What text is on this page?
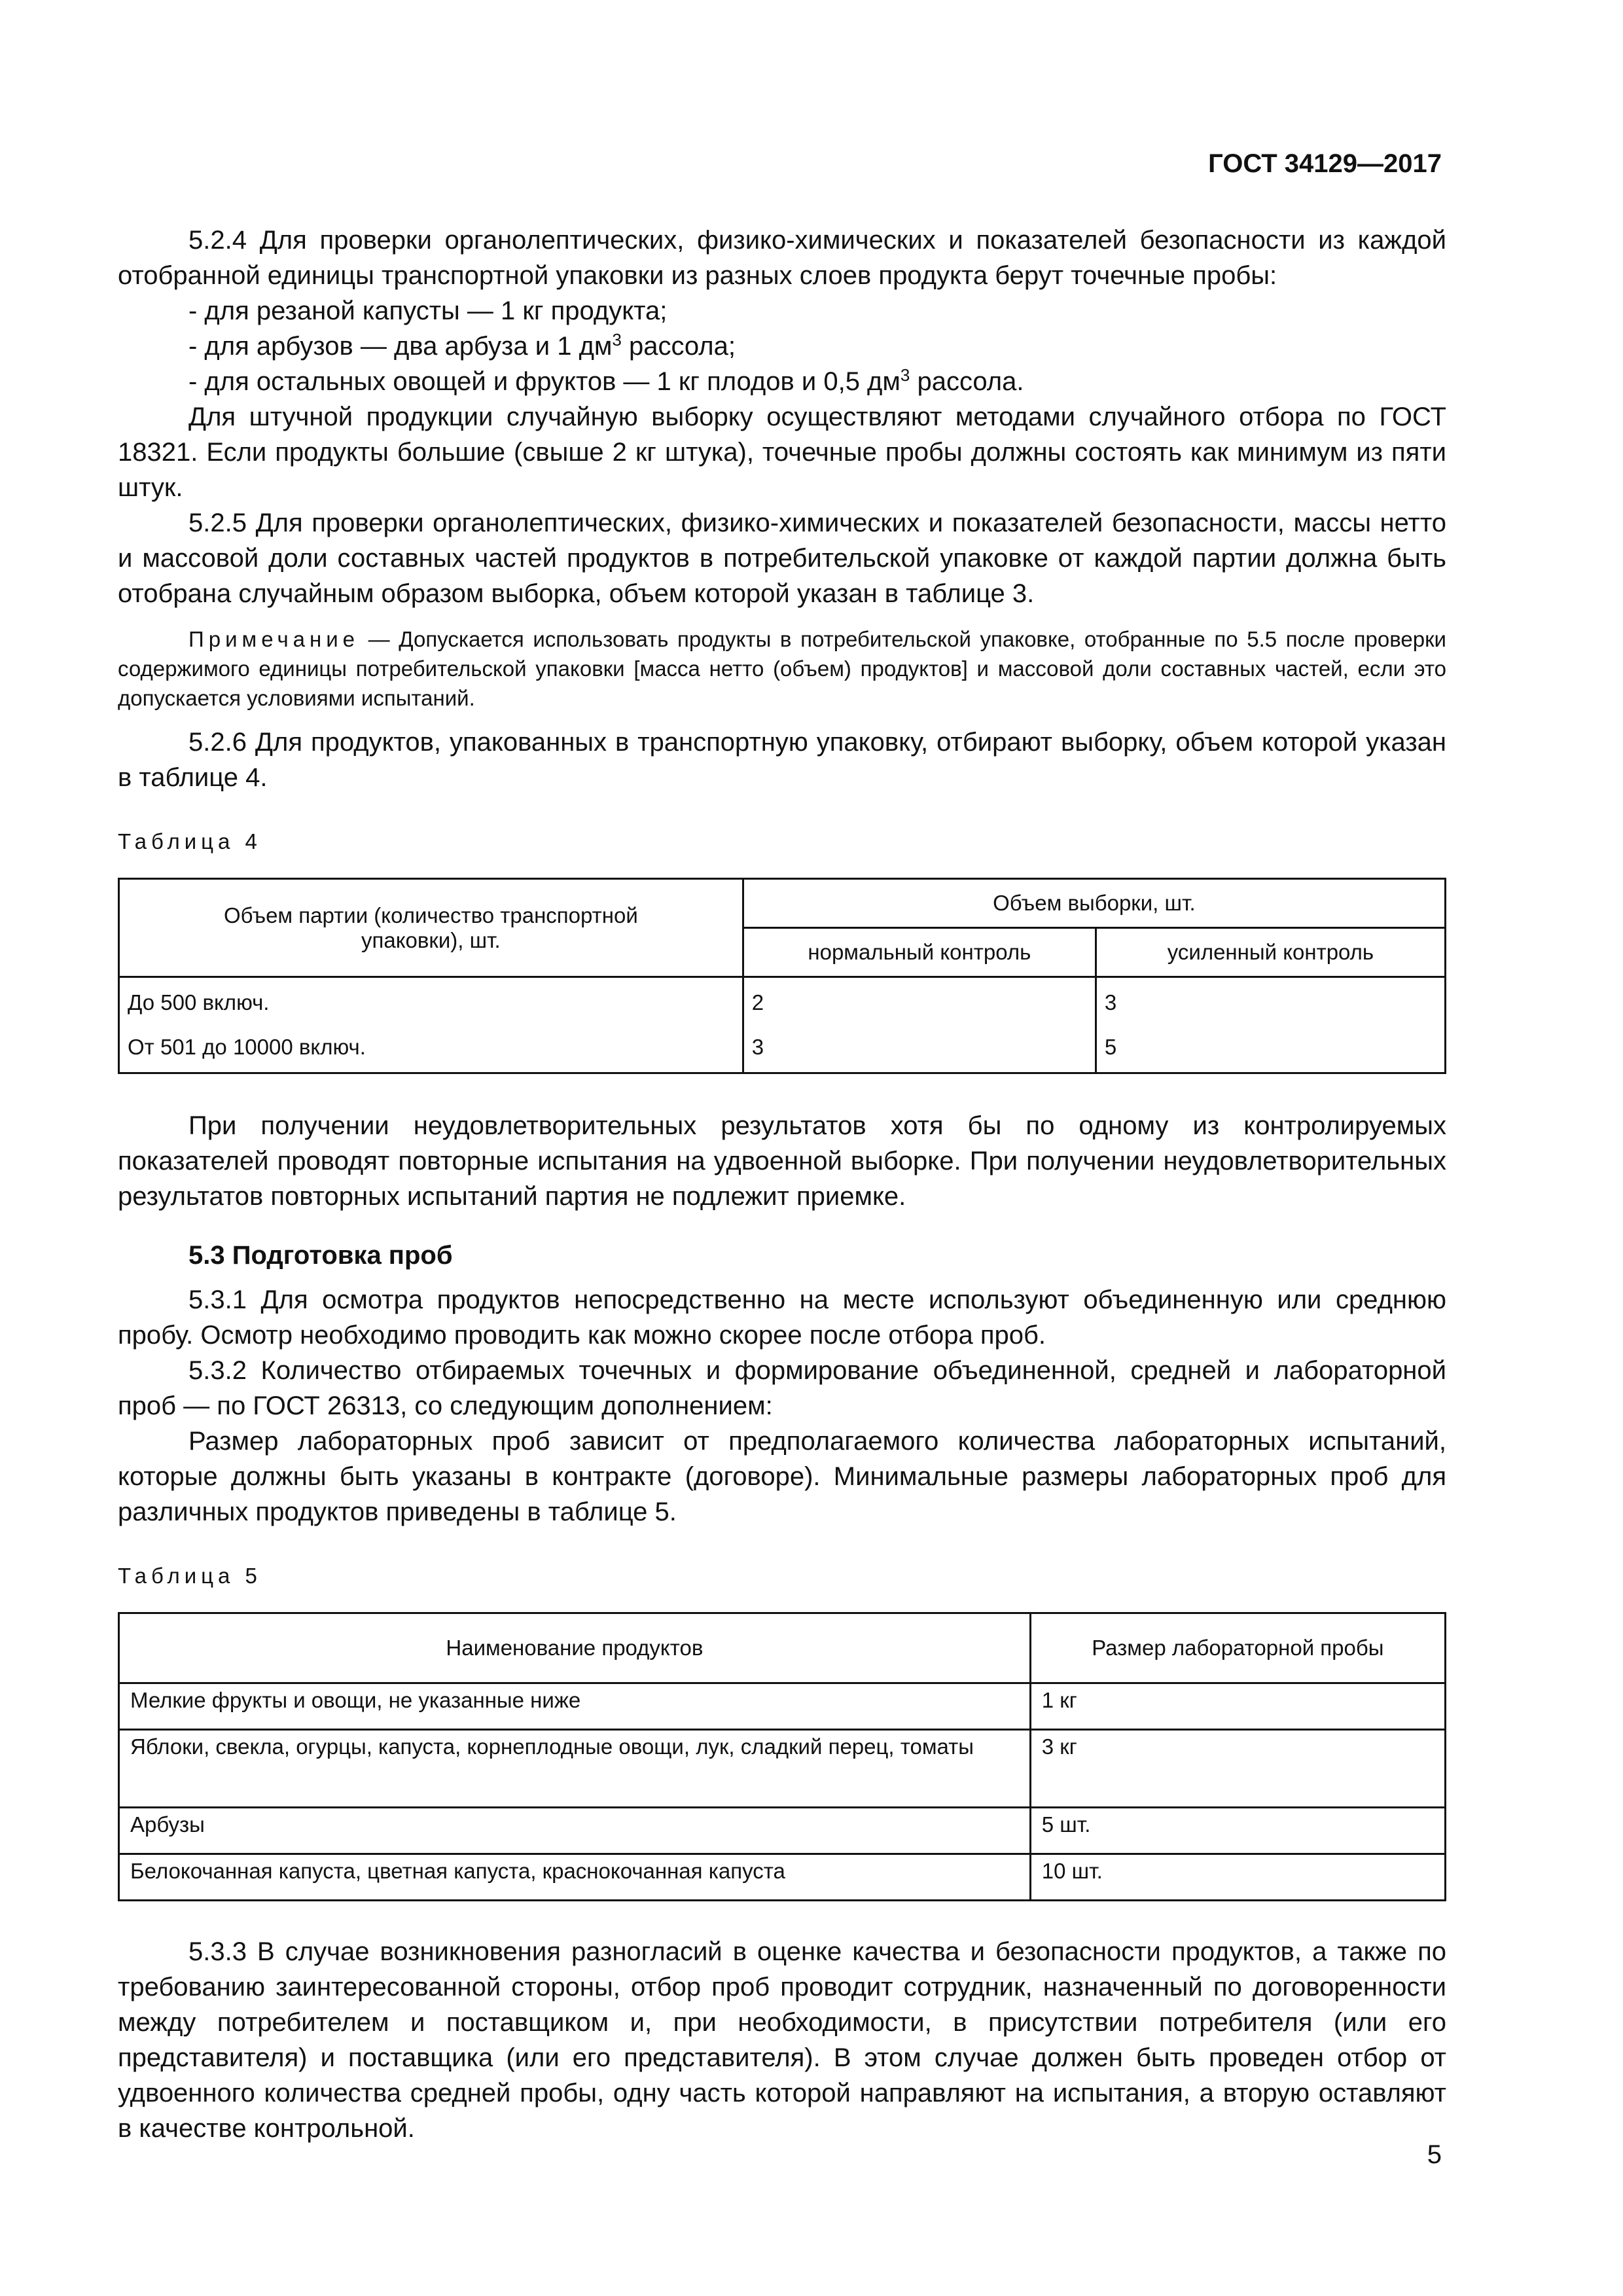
ГОСТ 34129—2017

5.2.4 Для проверки органолептических, физико-химических и показателей безопасности из каждой отобранной единицы транспортной упаковки из разных слоев продукта берут точечные пробы:

- для резаной капусты — 1 кг продукта;

- для арбузов — два арбуза и 1 $дм^3$ рассола;

- для остальных овощей и фруктов — 1 кг плодов и 0,5 $дм^3$ рассола.

Для штучной продукции случайную выборку осуществляют методами случайного отбора по ГОСТ 18321. Если продукты большие (свыше 2 кг штука), точечные пробы должны состоять как минимум из пяти штук.

5.2.5 Для проверки органолептических, физико-химических и показателей безопасности, массы нетто и массовой доли составных частей продуктов в потребительской упаковке от каждой партии должна быть отобрана случайным образом выборка, объем которой указан в таблице 3.

Примечание — Допускается использовать продукты в потребительской упаковке, отобранные по 5.5 после проверки содержимого единицы потребительской упаковки [масса нетто (объем) продуктов] и массовой доли составных частей, если это допускается условиями испытаний.

5.2.6 Для продуктов, упакованных в транспортную упаковку, отбирают выборку, объем которой указан в таблице 4.

Таблица 4
Объем партии (количество транспортной упаковки), шт.	Объем выборки, шт.	
	нормальный контроль	усиленный контроль
До 500 включ.	2	3
От 501 до 10000 включ.	3	5

При получении неудовлетворительных результатов хотя бы по одному из контролируемых показателей проводят повторные испытания на удвоенной выборке. При получении неудовлетворительных результатов повторных испытаний партия не подлежит приемке.

5.3 Подготовка проб

5.3.1 Для осмотра продуктов непосредственно на месте используют объединенную или среднюю пробу. Осмотр необходимо проводить как можно скорее после отбора проб.

5.3.2 Количество отбираемых точечных и формирование объединенной, средней и лабораторной проб — по ГОСТ 26313, со следующим дополнением:

Размер лабораторных проб зависит от предполагаемого количества лабораторных испытаний, которые должны быть указаны в контракте (договоре). Минимальные размеры лабораторных проб для различных продуктов приведены в таблице 5.

Таблица 5
Наименование продуктов	Размер лабораторной пробы
Мелкие фрукты и овощи, не указанные ниже	1 кг
Яблоки, свекла, огурцы, капуста, корнеплодные овощи, лук, сладкий перец, томаты	3 кг
Арбузы	5 шт.
Белокочанная капуста, цветная капуста, краснокочанная капуста	10 шт.

5.3.3 В случае возникновения разногласий в оценке качества и безопасности продуктов, а также по требованию заинтересованной стороны, отбор проб проводит сотрудник, назначенный по договоренности между потребителем и поставщиком и, при необходимости, в присутствии потребителя (или его представителя) и поставщика (или его представителя). В этом случае должен быть проведен отбор от удвоенного количества средней пробы, одну часть которой направляют на испытания, а вторую оставляют в качестве контрольной.

5
